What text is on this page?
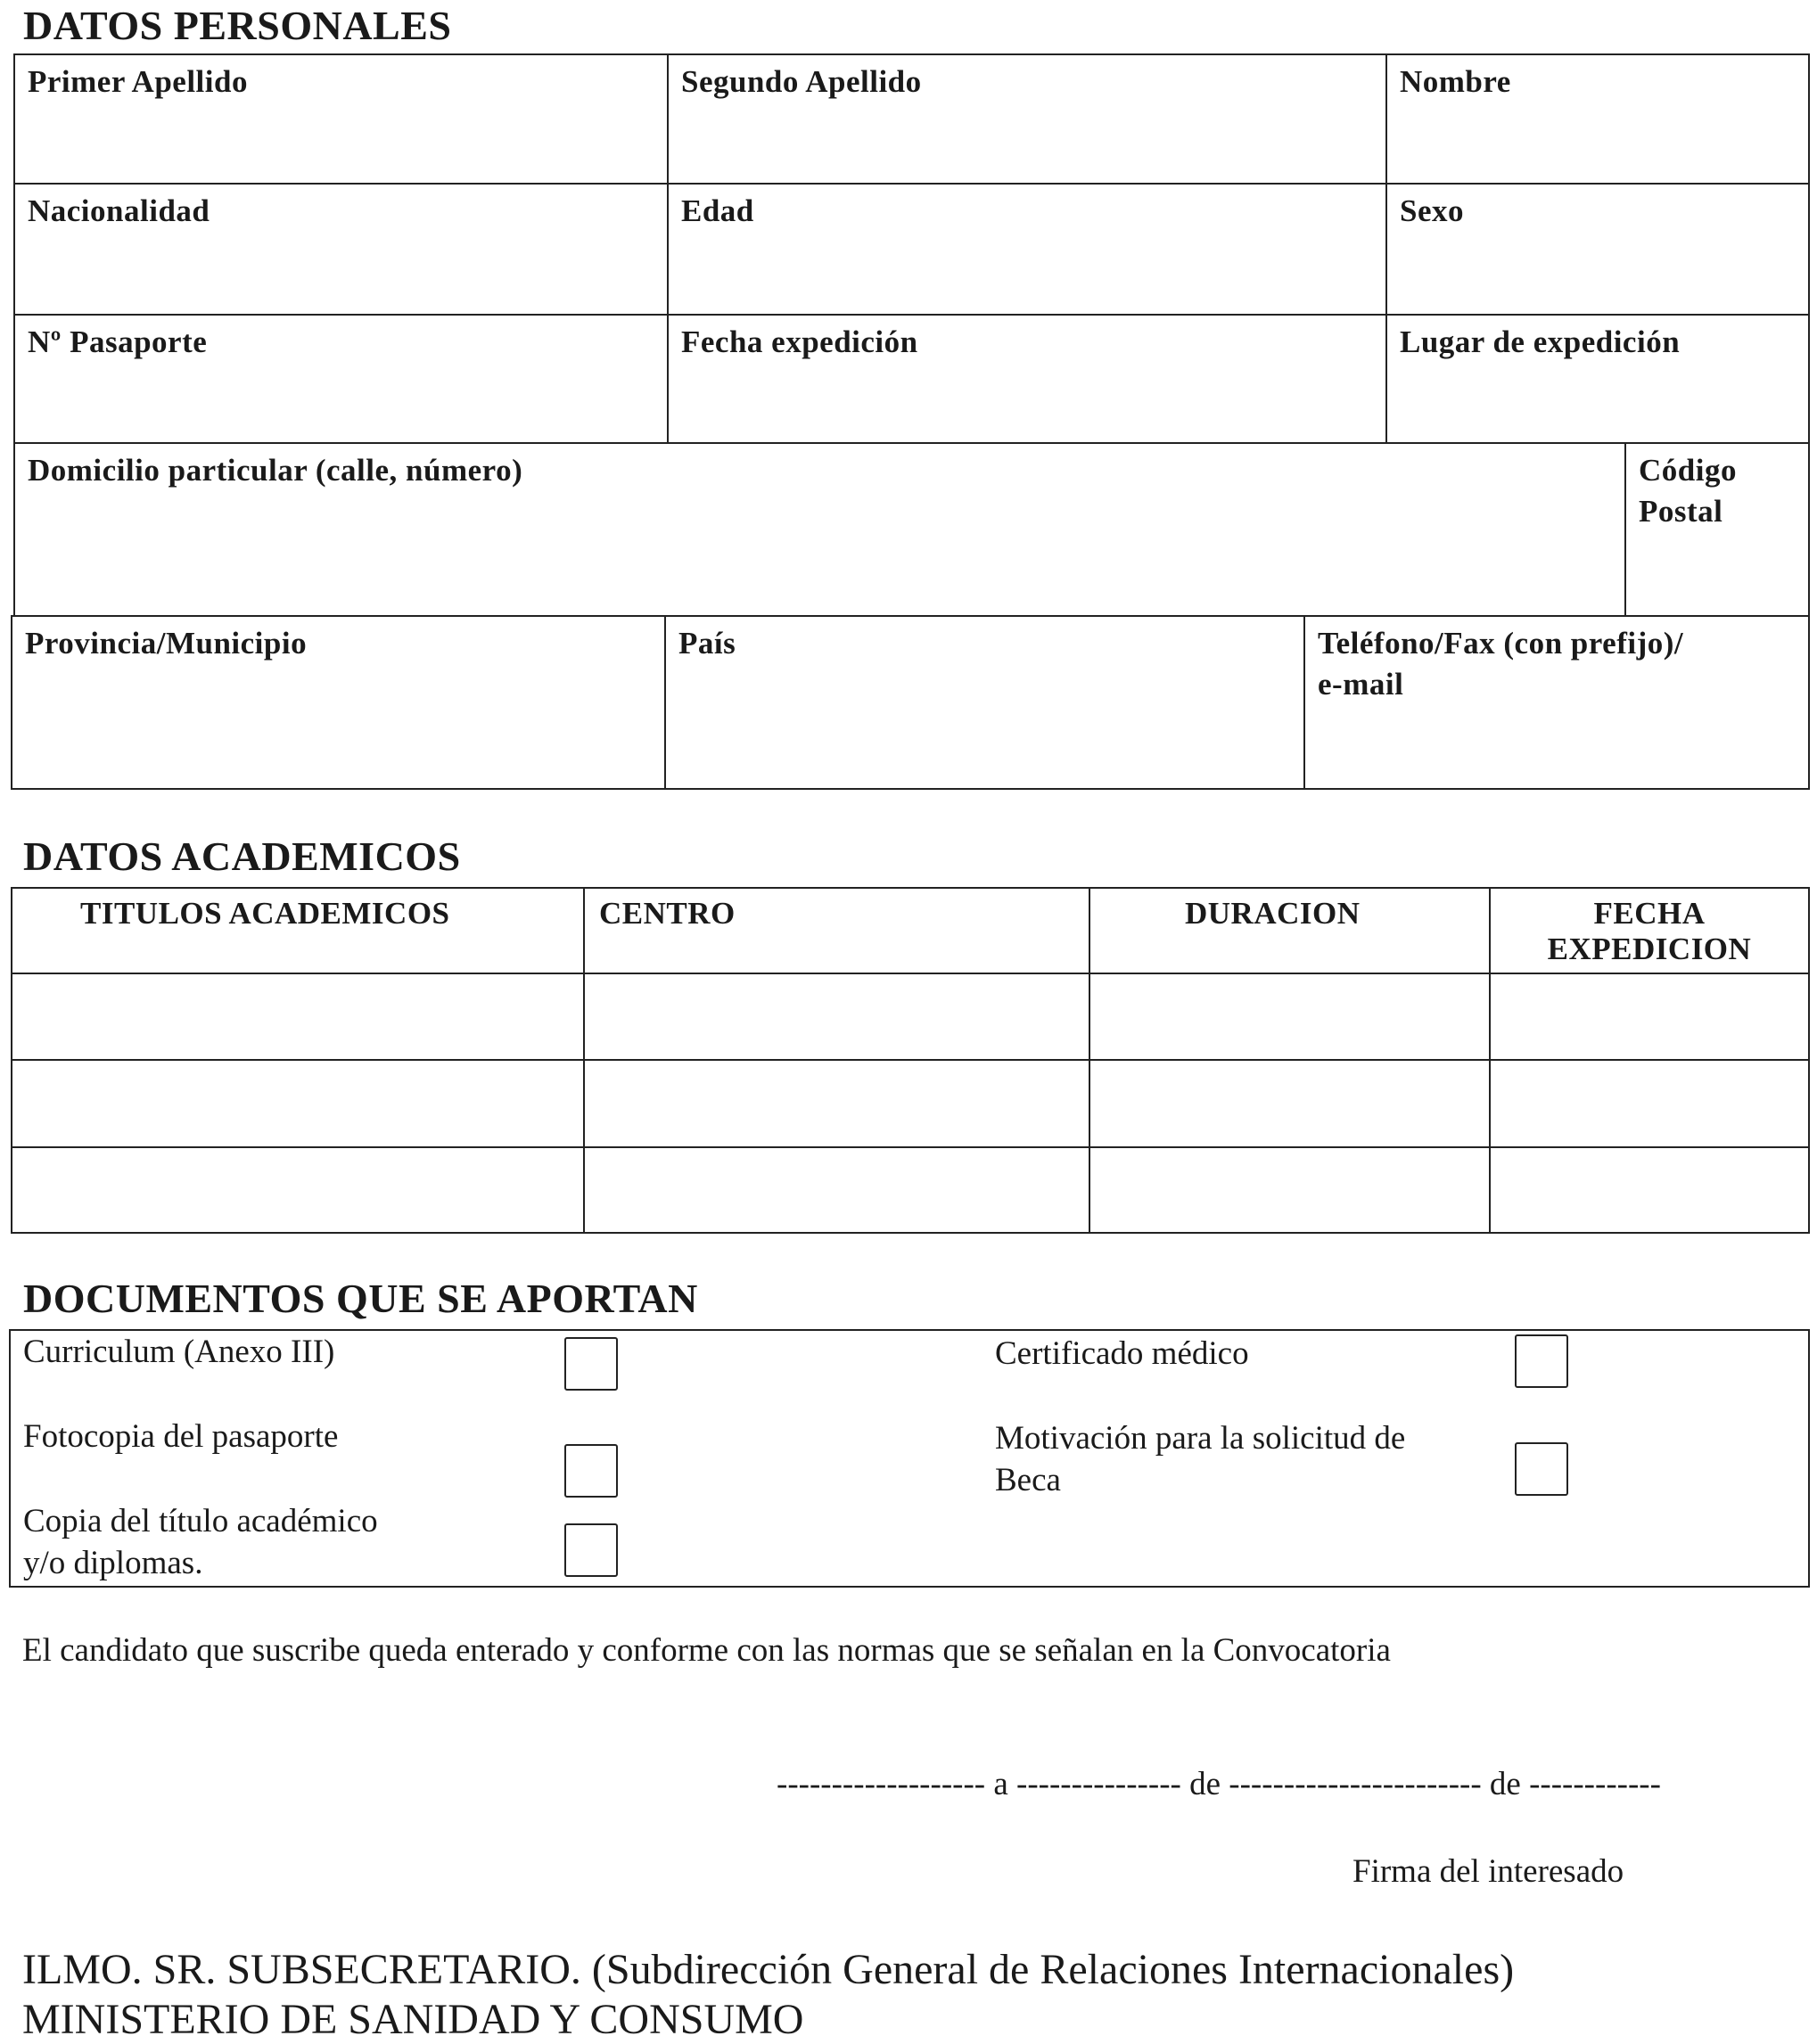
DATOS PERSONALES
Primer Apellido	Segundo Apellido	Nombre
Nacionalidad	Edad	Sexo
Nº Pasaporte	Fecha expedición	Lugar de expedición
Domicilio particular (calle, número)	Código
Postal
Provincia/Municipio	País	Teléfono/Fax (con prefijo)/
e-mail
DATOS ACADEMICOS
TITULOS ACADEMICOS	CENTRO	DURACION	FECHA
EXPEDICION
DOCUMENTOS QUE SE APORTAN
Curriculum (Anexo III)
Fotocopia del pasaporte
Copia del título académico
y/o diplomas.
Certificado médico
Motivación para la solicitud de
Beca
El candidato que suscribe queda enterado y conforme con las normas que se señalan en la Convocatoria
------------------- a --------------- de ----------------------- de ------------
Firma del interesado
ILMO. SR. SUBSECRETARIO. (Subdirección General de Relaciones Internacionales)
MINISTERIO DE SANIDAD Y CONSUMO
